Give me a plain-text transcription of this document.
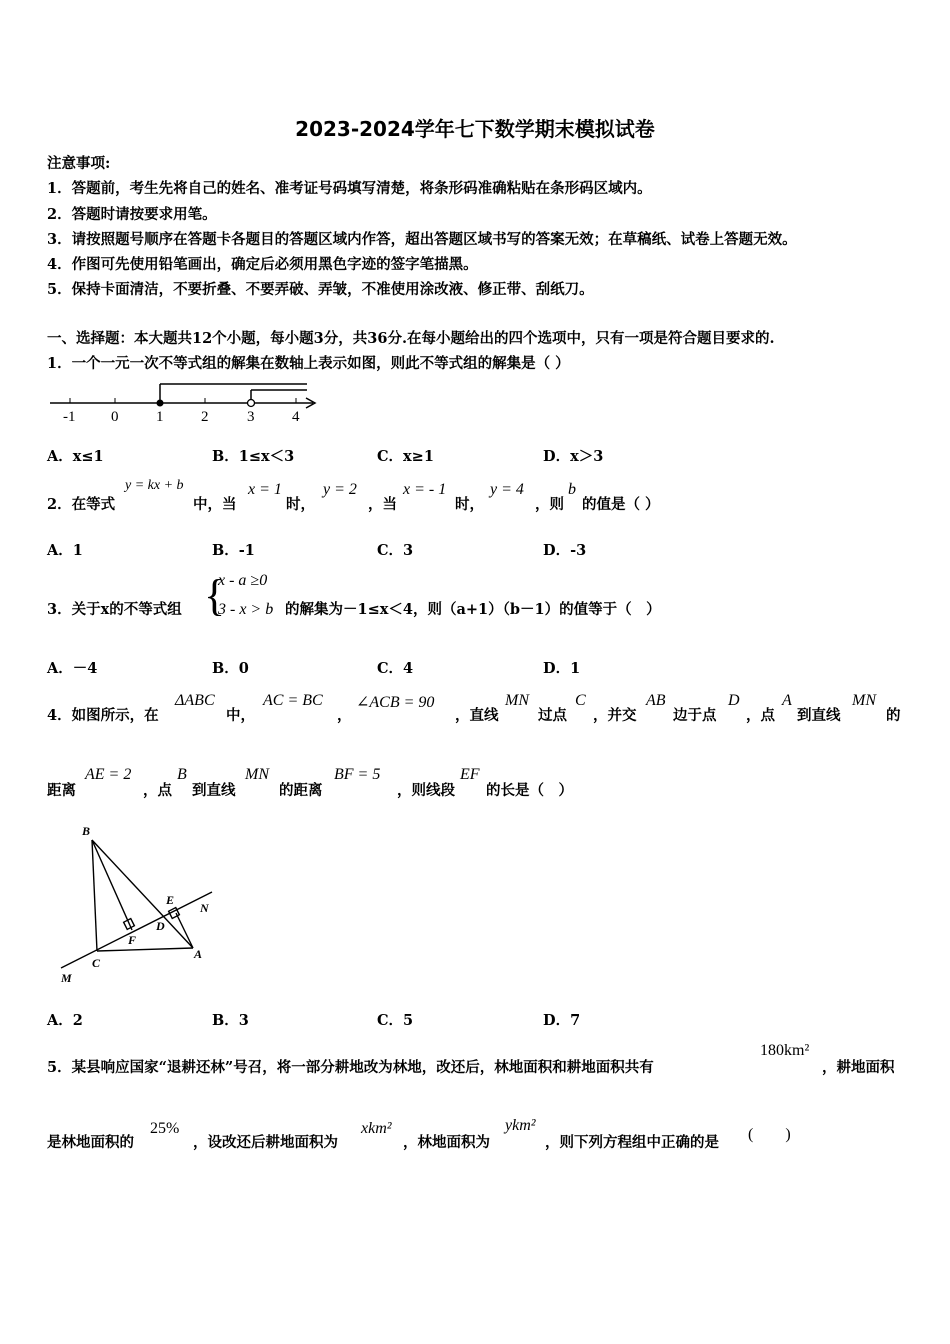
2023-2024学年七下数学期末模拟试卷
注意事项:
1．答题前，考生先将自己的姓名、准考证号码填写清楚，将条形码准确粘贴在条形码区域内。
2．答题时请按要求用笔。
3．请按照题号顺序在答题卡各题目的答题区域内作答，超出答题区域书写的答案无效；在草稿纸、试卷上答题无效。
4．作图可先使用铅笔画出，确定后必须用黑色字迹的签字笔描黑。
5．保持卡面清洁，不要折叠、不要弄破、弄皱，不准使用涂改液、修正带、刮纸刀。
一、选择题：本大题共12个小题，每小题3分，共36分.在每小题给出的四个选项中，只有一项是符合题目要求的.
1．一个一元一次不等式组的解集在数轴上表示如图，则此不等式组的解集是（ ）
-1 0	1	2	3	4
A．x≤1	B．1≤x＜3	C．x≥1	D．x＞3
2．在等式
y = kx + b
中，当
x = 1
时，
y = 2
，当
x = - 1
时，
y = 4
，则
b
的值是（ ）
A．1	B．-1	C．3	D．-3
3．关于x的不等式组 {
x - a ≥0
3 - x > b 的解集为－1≤x＜4，则（a+1）（b－1）的值等于（　）
A．－4	B．0	C．4	D．1
4．如图所示，在
ΔABC
中，
AC = BC
，
∠ACB = 90
，直线
MN
过点
C
，并交
AB
边于点
D
，点
A
到直线
MN
的
距离
AE = 2
，点
B
到直线
MN
的距离
BF = 5
，则线段
EF
的长是（　）
B
E
N
D
F
C
A
M
A．2	B．3	C．5	D．7
5．某县响应国家“退耕还林”号召，将一部分耕地改为林地，改还后，林地面积和耕地面积共有
180km²
，耕地面积
是林地面积的
25%
，设改还后耕地面积为
xkm²
，林地面积为
ykm²
，则下列方程组中正确的是 (　　)
